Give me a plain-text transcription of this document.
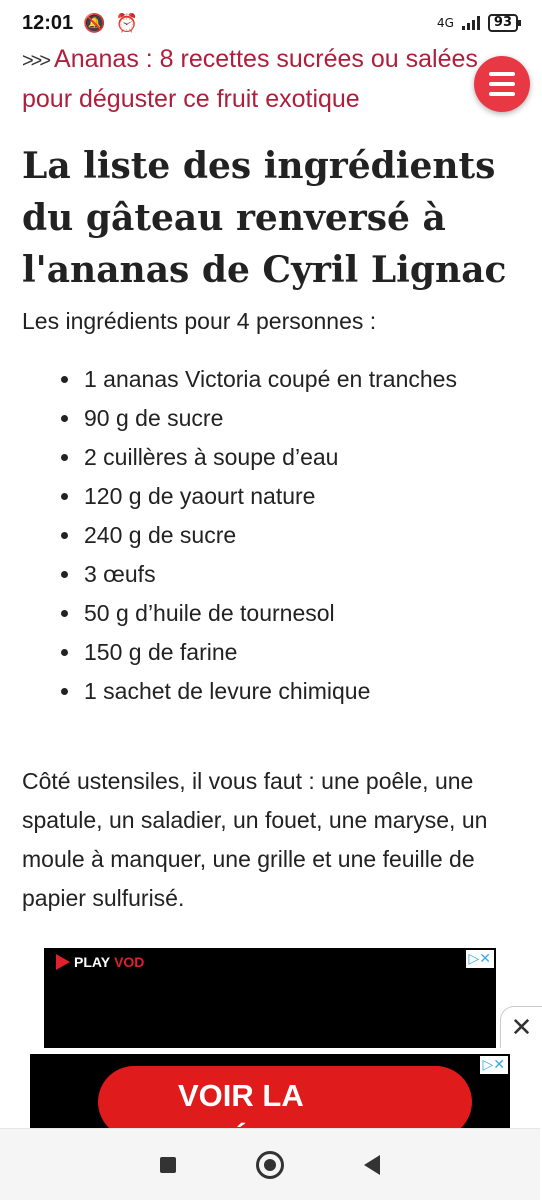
12:01 🔕 ⏰	4G	93
>>> Ananas : 8 recettes sucrées ou salées pour déguster ce fruit exotique
La liste des ingrédients du gâteau renversé à l'ananas de Cyril Lignac
Les ingrédients pour 4 personnes :
• 1 ananas Victoria coupé en tranches
• 90 g de sucre
• 2 cuillères à soupe d’eau
• 120 g de yaourt nature
• 240 g de sucre
• 3 œufs
• 50 g d’huile de tournesol
• 150 g de farine
• 1 sachet de levure chimique

Côté ustensiles, il vous faut : une poêle, une spatule, un saladier, un fouet, une maryse, un moule à manquer, une grille et une feuille de papier sulfurisé.

PLAY VOD	▷✕
✕
VOIR LA
▷✕
